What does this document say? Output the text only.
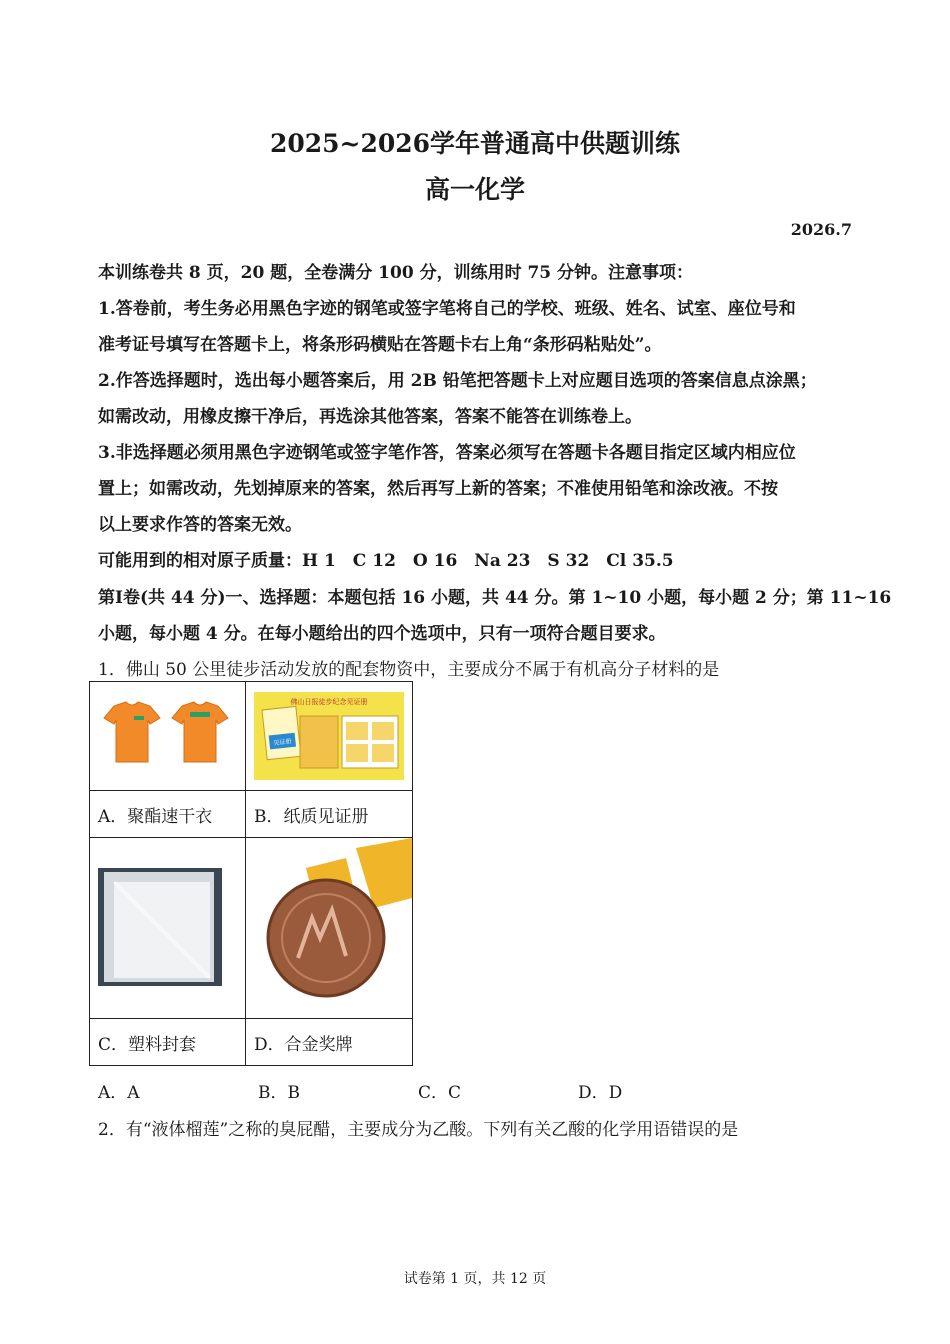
2025~2026学年普通高中供题训练
高一化学
2026.7
本训练卷共 8 页，20 题，全卷满分 100 分，训练用时 75 分钟。注意事项：
1.答卷前，考生务必用黑色字迹的钢笔或签字笔将自己的学校、班级、姓名、试室、座位号和
准考证号填写在答题卡上，将条形码横贴在答题卡右上角“条形码粘贴处”。
2.作答选择题时，选出每小题答案后，用 2B 铅笔把答题卡上对应题目选项的答案信息点涂黑；
如需改动，用橡皮擦干净后，再选涂其他答案，答案不能答在训练卷上。
3.非选择题必须用黑色字迹钢笔或签字笔作答，答案必须写在答题卡各题目指定区域内相应位
置上；如需改动，先划掉原来的答案，然后再写上新的答案；不准使用铅笔和涂改液。不按
以上要求作答的答案无效。
可能用到的相对原子质量：H 1　C 12　O 16　Na 23　S 32　Cl 35.5
第Ⅰ卷(共 44 分)一、选择题：本题包括 16 小题，共 44 分。第 1~10 小题，每小题 2 分；第 11~16
小题，每小题 4 分。在每小题给出的四个选项中，只有一项符合题目要求。
1．佛山 50 公里徒步活动发放的配套物资中，主要成分不属于有机高分子材料的是

佛山日报徒步纪念见证册
见证册

A．聚酯速干衣	B．纸质见证册

C．塑料封套	D．合金奖牌
A．A	B．B	C．C	D．D
2．有“液体榴莲”之称的臭屁醋，主要成分为乙酸。下列有关乙酸的化学用语错误的是
试卷第 1 页，共 12 页
